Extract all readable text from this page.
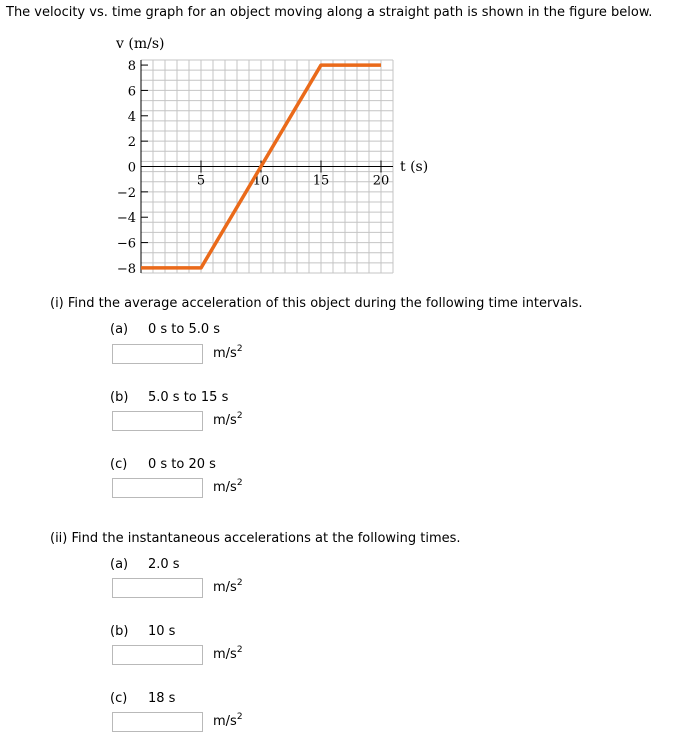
The velocity vs. time graph for an object moving along a straight path is shown in the figure below.
8
6
4
2
0
−2
−4
−6
−8
5	10	15	20
v (m/s)
t (s)
(i) Find the average acceleration of this object during the following time intervals.
(a) 0 s to 5.0 s
$m/s^2$
(b) 5.0 s to 15 s
$m/s^2$
(c) 0 s to 20 s
$m/s^2$
(ii) Find the instantaneous accelerations at the following times.
(a) 2.0 s
$m/s^2$
(b) 10 s
$m/s^2$
(c) 18 s
$m/s^2$
